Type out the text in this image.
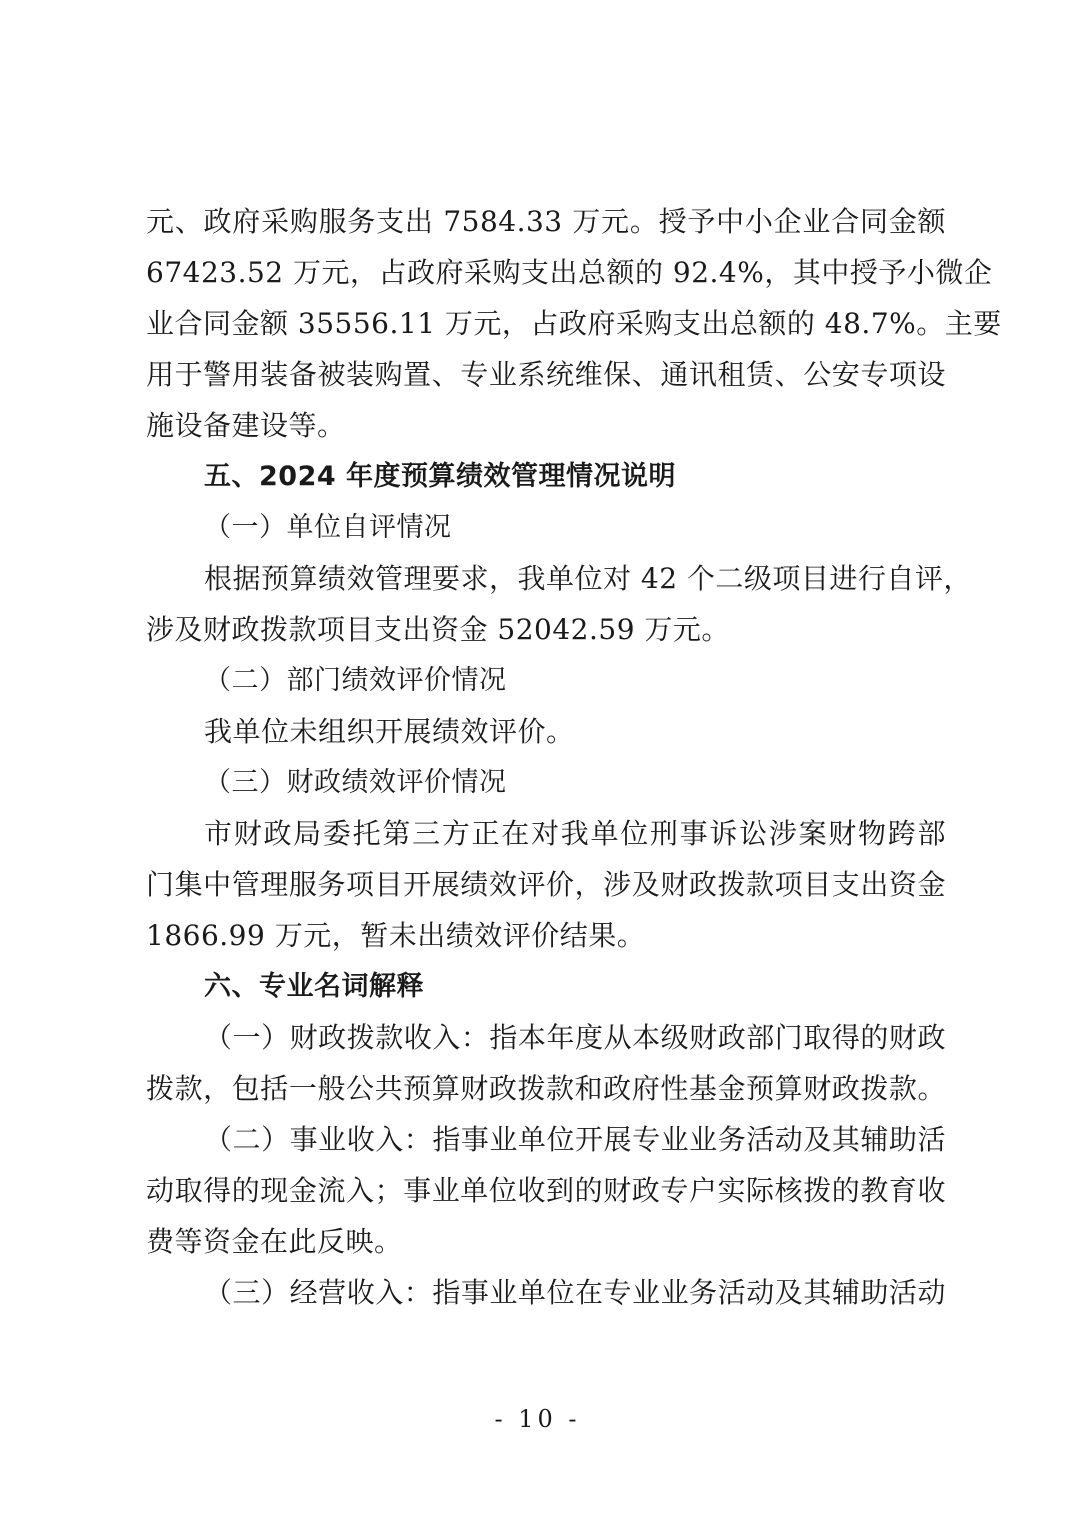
元、政府采购服务支出 7584.33 万元。授予中小企业合同金额
67423.52 万元，占政府采购支出总额的 92.4%，其中授予小微企
业合同金额 35556.11 万元，占政府采购支出总额的 48.7%。主要
用于警用装备被装购置、专业系统维保、通讯租赁、公安专项设
施设备建设等。
五、2024 年度预算绩效管理情况说明
（一）单位自评情况
根据预算绩效管理要求，我单位对 42 个二级项目进行自评，
涉及财政拨款项目支出资金 52042.59 万元。
（二）部门绩效评价情况
我单位未组织开展绩效评价。
（三）财政绩效评价情况
市财政局委托第三方正在对我单位刑事诉讼涉案财物跨部
门集中管理服务项目开展绩效评价，涉及财政拨款项目支出资金
1866.99 万元，暂未出绩效评价结果。
六、专业名词解释
（一）财政拨款收入：指本年度从本级财政部门取得的财政
拨款，包括一般公共预算财政拨款和政府性基金预算财政拨款。
（二）事业收入：指事业单位开展专业业务活动及其辅助活
动取得的现金流入；事业单位收到的财政专户实际核拨的教育收
费等资金在此反映。
（三）经营收入：指事业单位在专业业务活动及其辅助活动
- 10 -
